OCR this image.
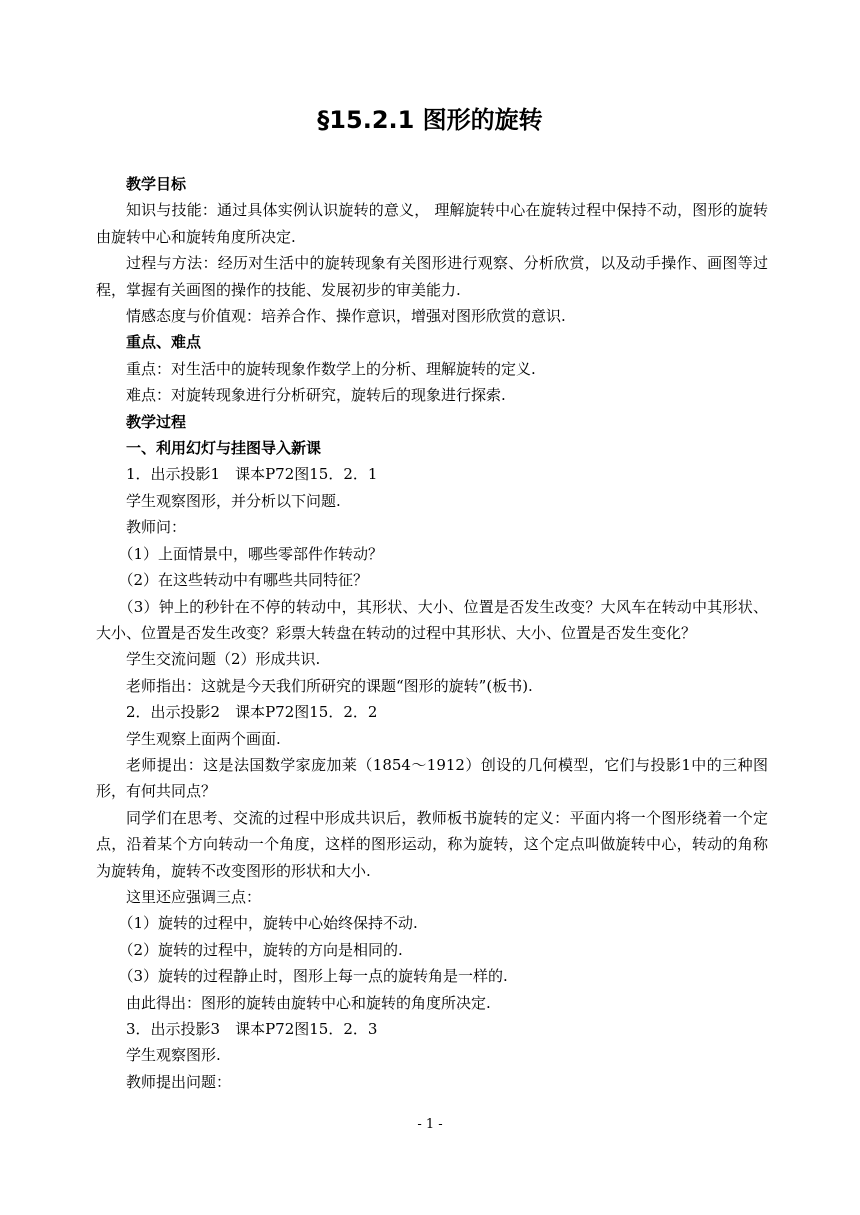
§15.2.1 图形的旋转

教学目标

知识与技能：通过具体实例认识旋转的意义， 理解旋转中心在旋转过程中保持不动，图形的旋转由旋转中心和旋转角度所决定.

过程与方法：经历对生活中的旋转现象有关图形进行观察、分析欣赏，以及动手操作、画图等过程，掌握有关画图的操作的技能、发展初步的审美能力.

情感态度与价值观：培养合作、操作意识，增强对图形欣赏的意识.

重点、难点

重点：对生活中的旋转现象作数学上的分析、理解旋转的定义.

难点：对旋转现象进行分析研究，旋转后的现象进行探索.

教学过程

一、利用幻灯与挂图导入新课

1．出示投影1　课本P72图15．2．1

学生观察图形，并分析以下问题.

教师问：

（1）上面情景中，哪些零部件作转动？

（2）在这些转动中有哪些共同特征？

（3）钟上的秒针在不停的转动中，其形状、大小、位置是否发生改变？大风车在转动中其形状、大小、位置是否发生改变？彩票大转盘在转动的过程中其形状、大小、位置是否发生变化？

学生交流问题（2）形成共识.

老师指出：这就是今天我们所研究的课题“图形的旋转”(板书).

2．出示投影2　课本P72图15．2．2

学生观察上面两个画面.

老师提出：这是法国数学家庞加莱（1854～1912）创设的几何模型，它们与投影1中的三种图形，有何共同点？

同学们在思考、交流的过程中形成共识后，教师板书旋转的定义：平面内将一个图形绕着一个定点，沿着某个方向转动一个角度，这样的图形运动，称为旋转，这个定点叫做旋转中心，转动的角称为旋转角，旋转不改变图形的形状和大小.

这里还应强调三点：

（1）旋转的过程中，旋转中心始终保持不动.

（2）旋转的过程中，旋转的方向是相同的.

（3）旋转的过程静止时，图形上每一点的旋转角是一样的.

由此得出：图形的旋转由旋转中心和旋转的角度所决定.

3．出示投影3　课本P72图15．2．3

学生观察图形.

教师提出问题：

- 1 -
